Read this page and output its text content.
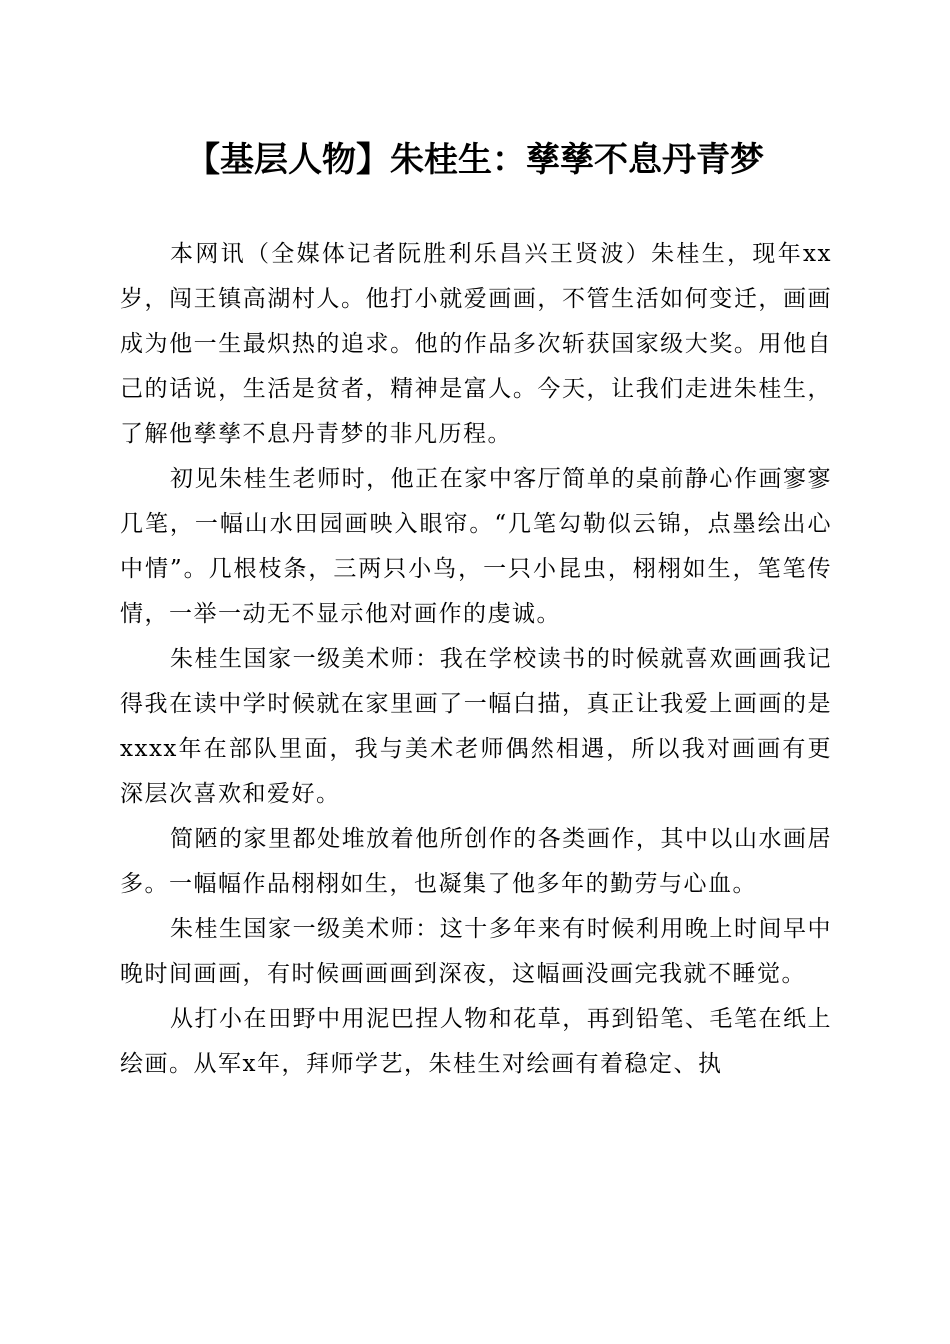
【基层人物】朱桂生：孳孳不息丹青梦

本网讯（全媒体记者阮胜利乐昌兴王贤波）朱桂生，现年xx岁，闯王镇高湖村人。他打小就爱画画，不管生活如何变迁，画画成为他一生最炽热的追求。他的作品多次斩获国家级大奖。用他自己的话说，生活是贫者，精神是富人。今天，让我们走进朱桂生，了解他孳孳不息丹青梦的非凡历程。

初见朱桂生老师时，他正在家中客厅简单的桌前静心作画寥寥几笔，一幅山水田园画映入眼帘。“几笔勾勒似云锦，点墨绘出心中情”。几根枝条，三两只小鸟，一只小昆虫，栩栩如生，笔笔传情，一举一动无不显示他对画作的虔诚。

朱桂生国家一级美术师：我在学校读书的时候就喜欢画画我记得我在读中学时候就在家里画了一幅白描，真正让我爱上画画的是xxxx年在部队里面，我与美术老师偶然相遇，所以我对画画有更深层次喜欢和爱好。

简陋的家里都处堆放着他所创作的各类画作，其中以山水画居多。一幅幅作品栩栩如生，也凝集了他多年的勤劳与心血。

朱桂生国家一级美术师：这十多年来有时候利用晚上时间早中晚时间画画，有时候画画画到深夜，这幅画没画完我就不睡觉。

从打小在田野中用泥巴捏人物和花草，再到铅笔、毛笔在纸上绘画。从军x年，拜师学艺，朱桂生对绘画有着稳定、执
